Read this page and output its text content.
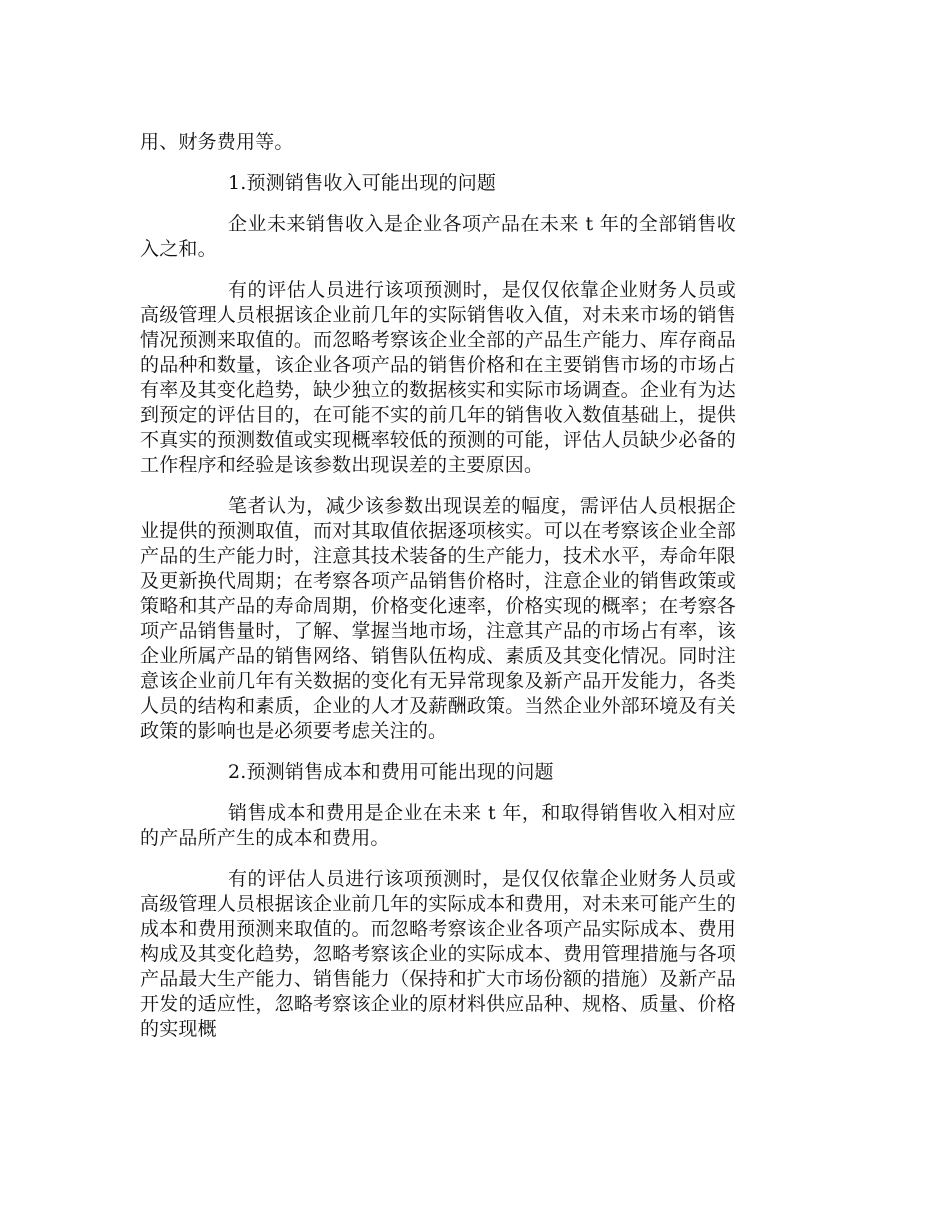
用、财务费用等。

1.预测销售收入可能出现的问题

企业未来销售收入是企业各项产品在未来 t 年的全部销售收入之和。

有的评估人员进行该项预测时，是仅仅依靠企业财务人员或高级管理人员根据该企业前几年的实际销售收入值，对未来市场的销售情况预测来取值的。而忽略考察该企业全部的产品生产能力、库存商品的品种和数量，该企业各项产品的销售价格和在主要销售市场的市场占有率及其变化趋势，缺少独立的数据核实和实际市场调查。企业有为达到预定的评估目的，在可能不实的前几年的销售收入数值基础上，提供不真实的预测数值或实现概率较低的预测的可能，评估人员缺少必备的工作程序和经验是该参数出现误差的主要原因。

笔者认为，减少该参数出现误差的幅度，需评估人员根据企业提供的预测取值，而对其取值依据逐项核实。可以在考察该企业全部产品的生产能力时，注意其技术装备的生产能力，技术水平，寿命年限及更新换代周期；在考察各项产品销售价格时，注意企业的销售政策或策略和其产品的寿命周期，价格变化速率，价格实现的概率；在考察各项产品销售量时，了解、掌握当地市场，注意其产品的市场占有率，该企业所属产品的销售网络、销售队伍构成、素质及其变化情况。同时注意该企业前几年有关数据的变化有无异常现象及新产品开发能力，各类人员的结构和素质，企业的人才及薪酬政策。当然企业外部环境及有关政策的影响也是必须要考虑关注的。

2.预测销售成本和费用可能出现的问题

销售成本和费用是企业在未来 t 年，和取得销售收入相对应的产品所产生的成本和费用。

有的评估人员进行该项预测时，是仅仅依靠企业财务人员或高级管理人员根据该企业前几年的实际成本和费用，对未来可能产生的成本和费用预测来取值的。而忽略考察该企业各项产品实际成本、费用构成及其变化趋势，忽略考察该企业的实际成本、费用管理措施与各项产品最大生产能力、销售能力（保持和扩大市场份额的措施）及新产品开发的适应性，忽略考察该企业的原材料供应品种、规格、质量、价格的实现概
